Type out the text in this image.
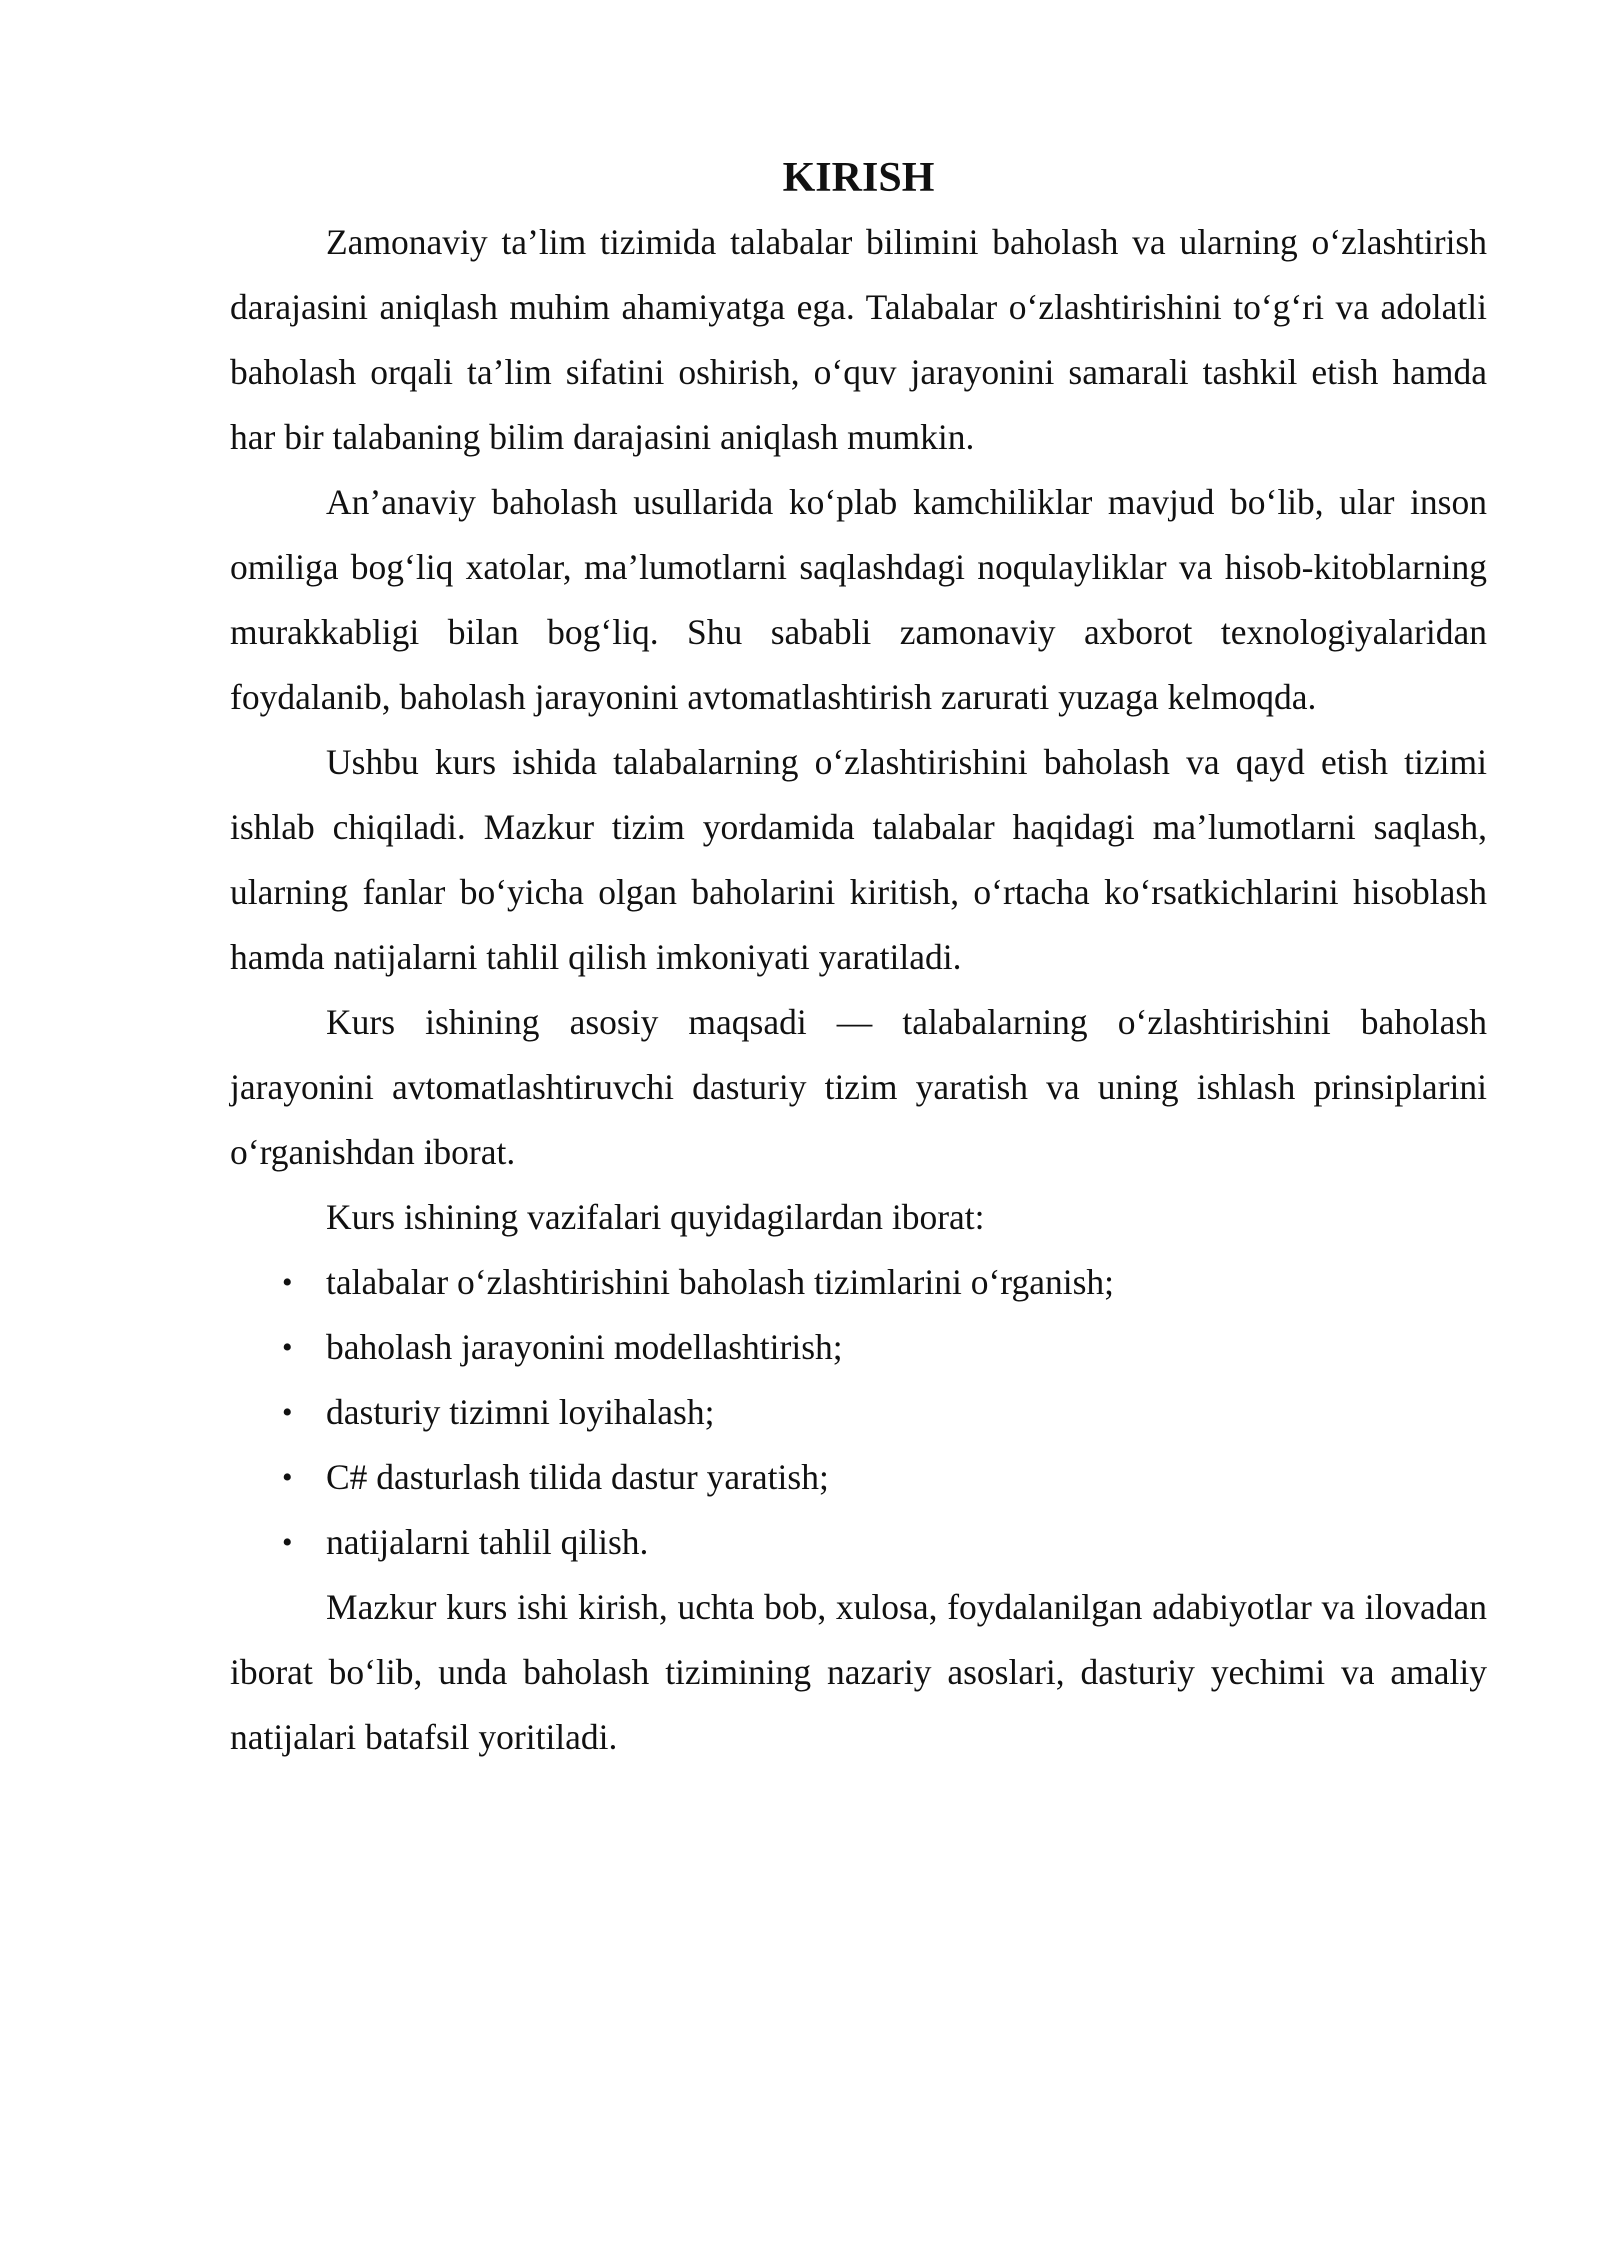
KIRISH

Zamonaviy ta’lim tizimida talabalar bilimini baholash va ularning o‘zlashtirish darajasini aniqlash muhim ahamiyatga ega. Talabalar o‘zlashtirishini to‘g‘ri va adolatli baholash orqali ta’lim sifatini oshirish, o‘quv jarayonini samarali tashkil etish hamda har bir talabaning bilim darajasini aniqlash mumkin.

An’anaviy baholash usullarida ko‘plab kamchiliklar mavjud bo‘lib, ular inson omiliga bog‘liq xatolar, ma’lumotlarni saqlashdagi noqulayliklar va hisob-kitoblarning murakkabligi bilan bog‘liq. Shu sababli zamonaviy axborot texnologiyalaridan foydalanib, baholash jarayonini avtomatlashtirish zarurati yuzaga kelmoqda.

Ushbu kurs ishida talabalarning o‘zlashtirishini baholash va qayd etish tizimi ishlab chiqiladi. Mazkur tizim yordamida talabalar haqidagi ma’lumotlarni saqlash, ularning fanlar bo‘yicha olgan baholarini kiritish, o‘rtacha ko‘rsatkichlarini hisoblash hamda natijalarni tahlil qilish imkoniyati yaratiladi.

Kurs ishining asosiy maqsadi — talabalarning o‘zlashtirishini baholash jarayonini avtomatlashtiruvchi dasturiy tizim yaratish va uning ishlash prinsiplarini o‘rganishdan iborat.

Kurs ishining vazifalari quyidagilardan iborat:

• talabalar o‘zlashtirishini baholash tizimlarini o‘rganish;
• baholash jarayonini modellashtirish;
• dasturiy tizimni loyihalash;
• C# dasturlash tilida dastur yaratish;
• natijalarni tahlil qilish.

Mazkur kurs ishi kirish, uchta bob, xulosa, foydalanilgan adabiyotlar va ilovadan iborat bo‘lib, unda baholash tizimining nazariy asoslari, dasturiy yechimi va amaliy natijalari batafsil yoritiladi.
